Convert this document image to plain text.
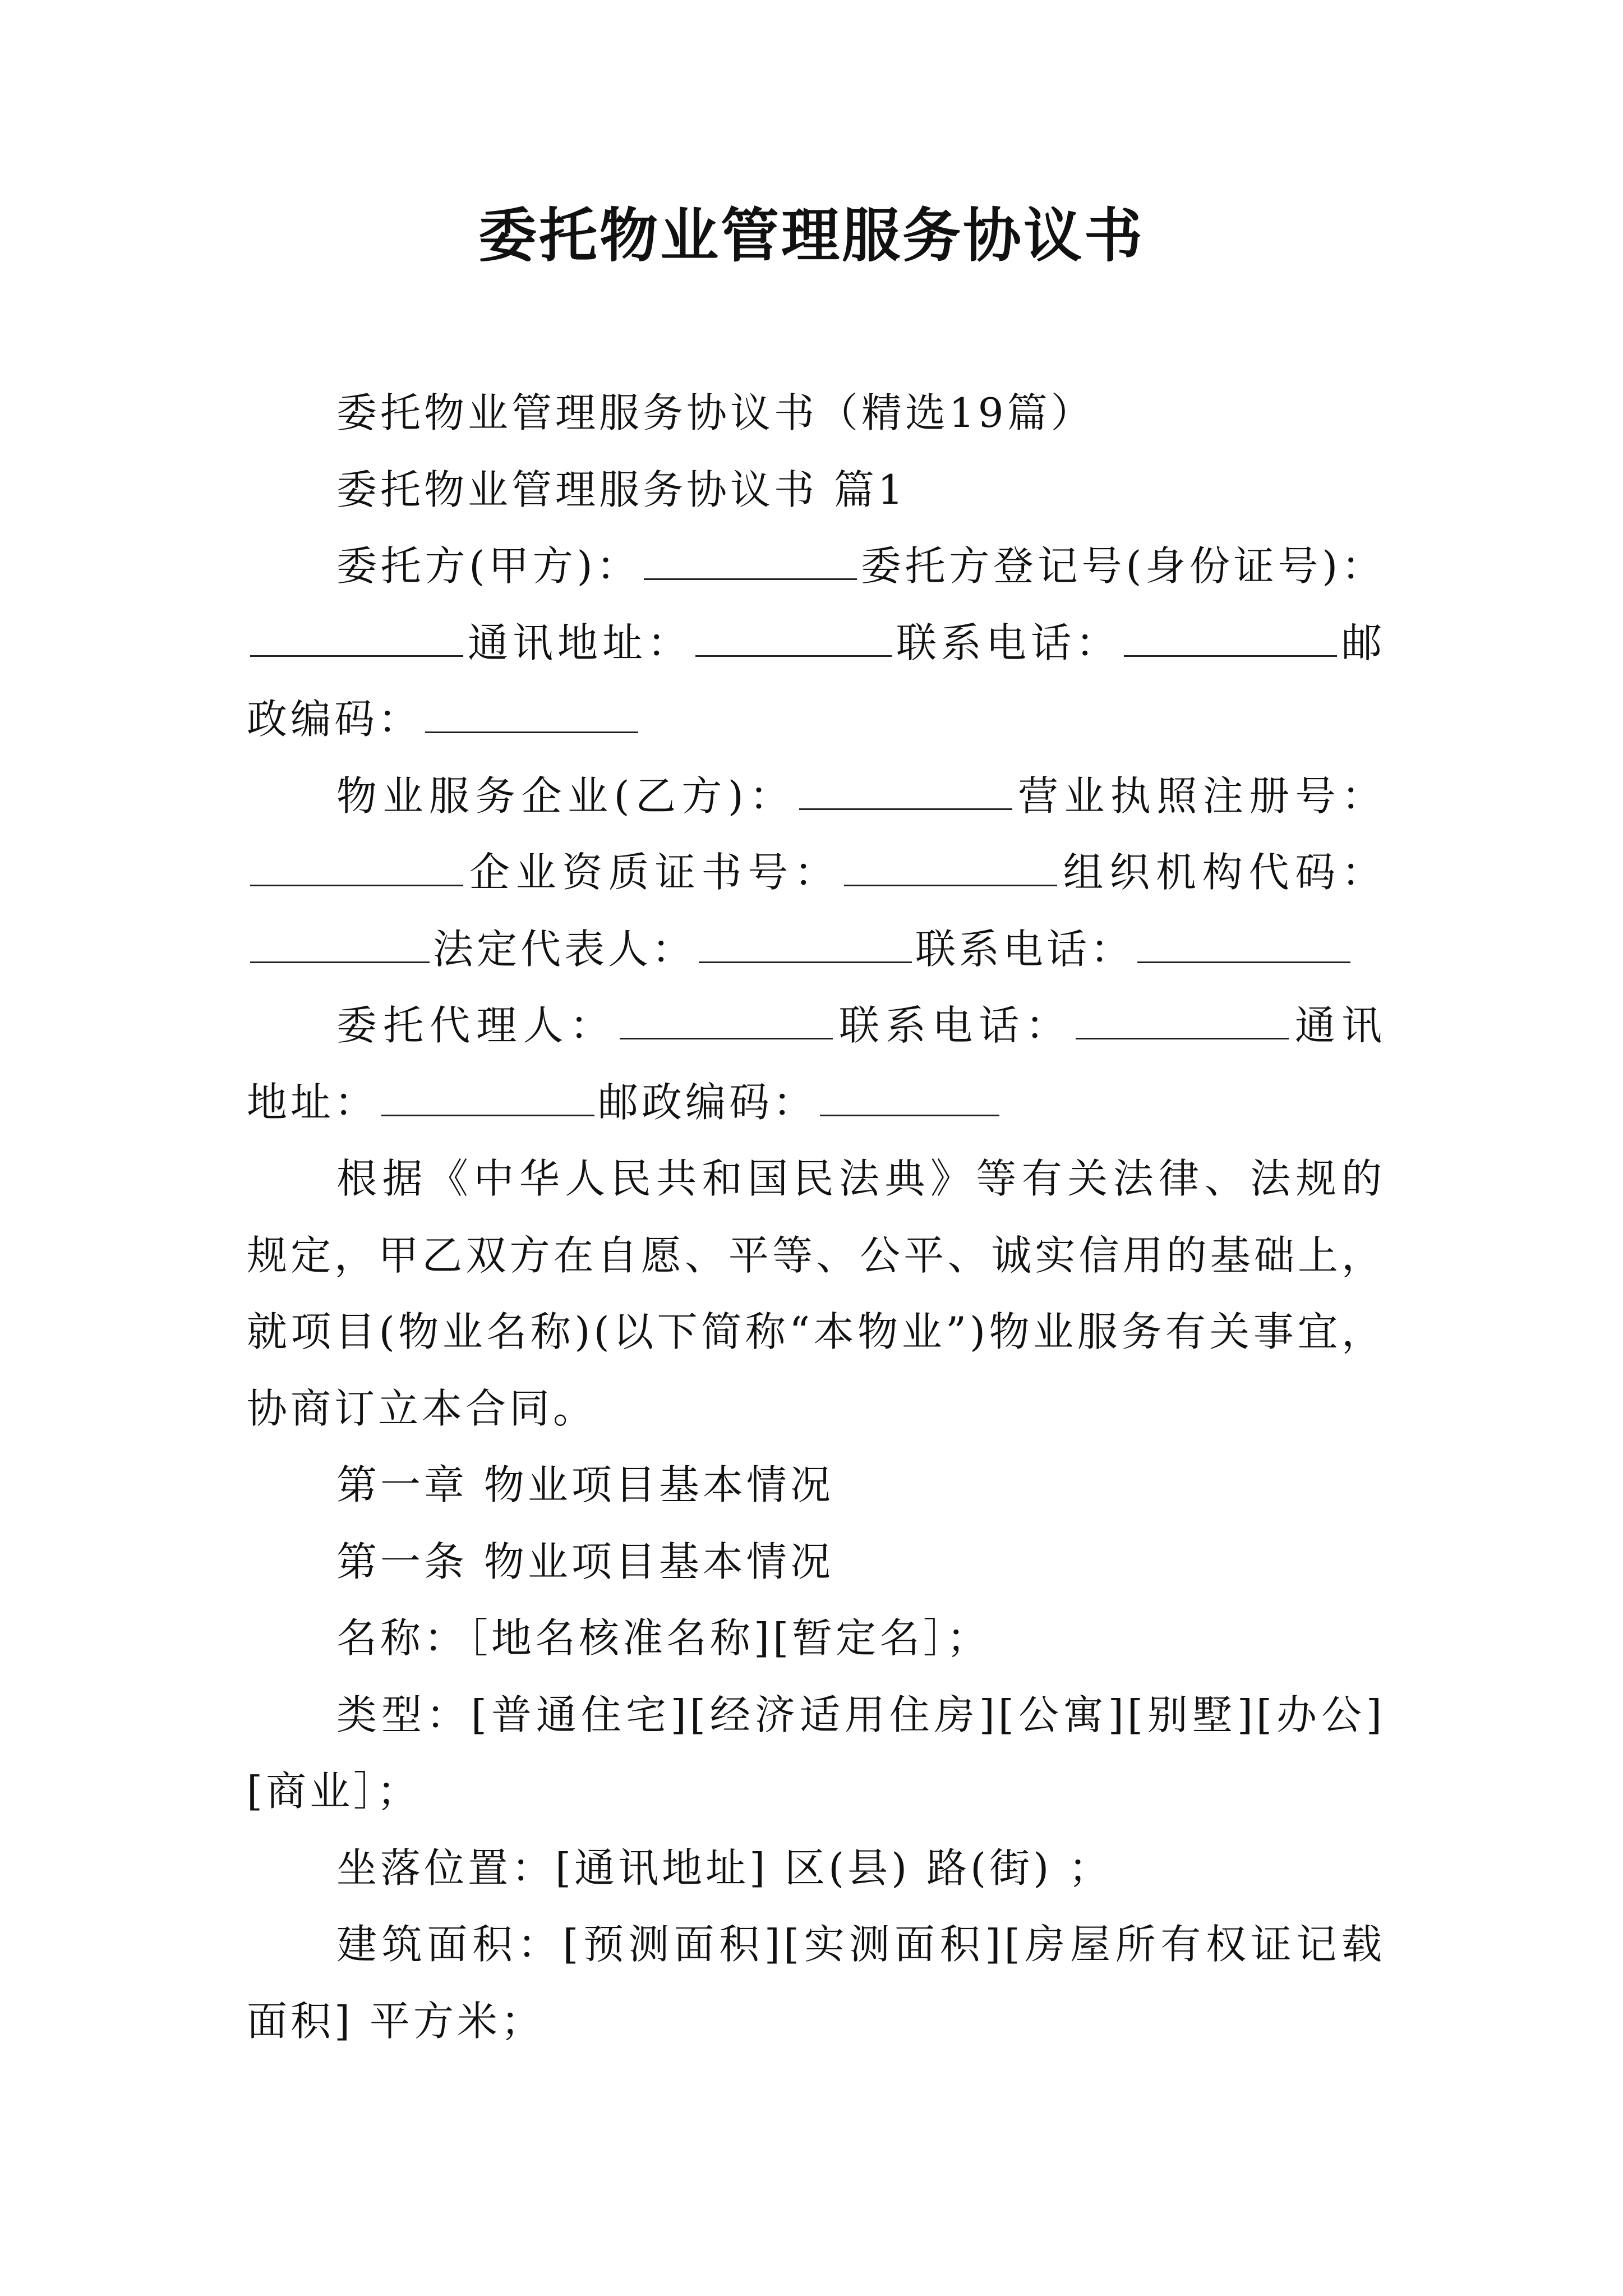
委托物业管理服务协议书

委托物业管理服务协议书（精选19篇）

委托物业管理服务协议书 篇1

委托方(甲方)：	委托方登记号(身份证号)：通讯地址：	联系电话：	邮政编码：

物业服务企业(乙方)：	营业执照注册号：企业资质证书号：	组织机构代码：法定代表人：	联系电话：

委托代理人：	联系电话：	通讯地址：	邮政编码：

根据《中华人民共和国民法典》等有关法律、法规的规定，甲乙双方在自愿、平等、公平、诚实信用的基础上，就项目(物业名称)(以下简称“本物业”)物业服务有关事宜，协商订立本合同。

第一章 物业项目基本情况

第一条 物业项目基本情况

名称：［地名核准名称][暂定名］；

类型：[普通住宅][经济适用住房][公寓][别墅][办公][商业］；

坐落位置：[通讯地址] 区(县) 路(街) ；

建筑面积：[预测面积][实测面积][房屋所有权证记载面积] 平方米；
